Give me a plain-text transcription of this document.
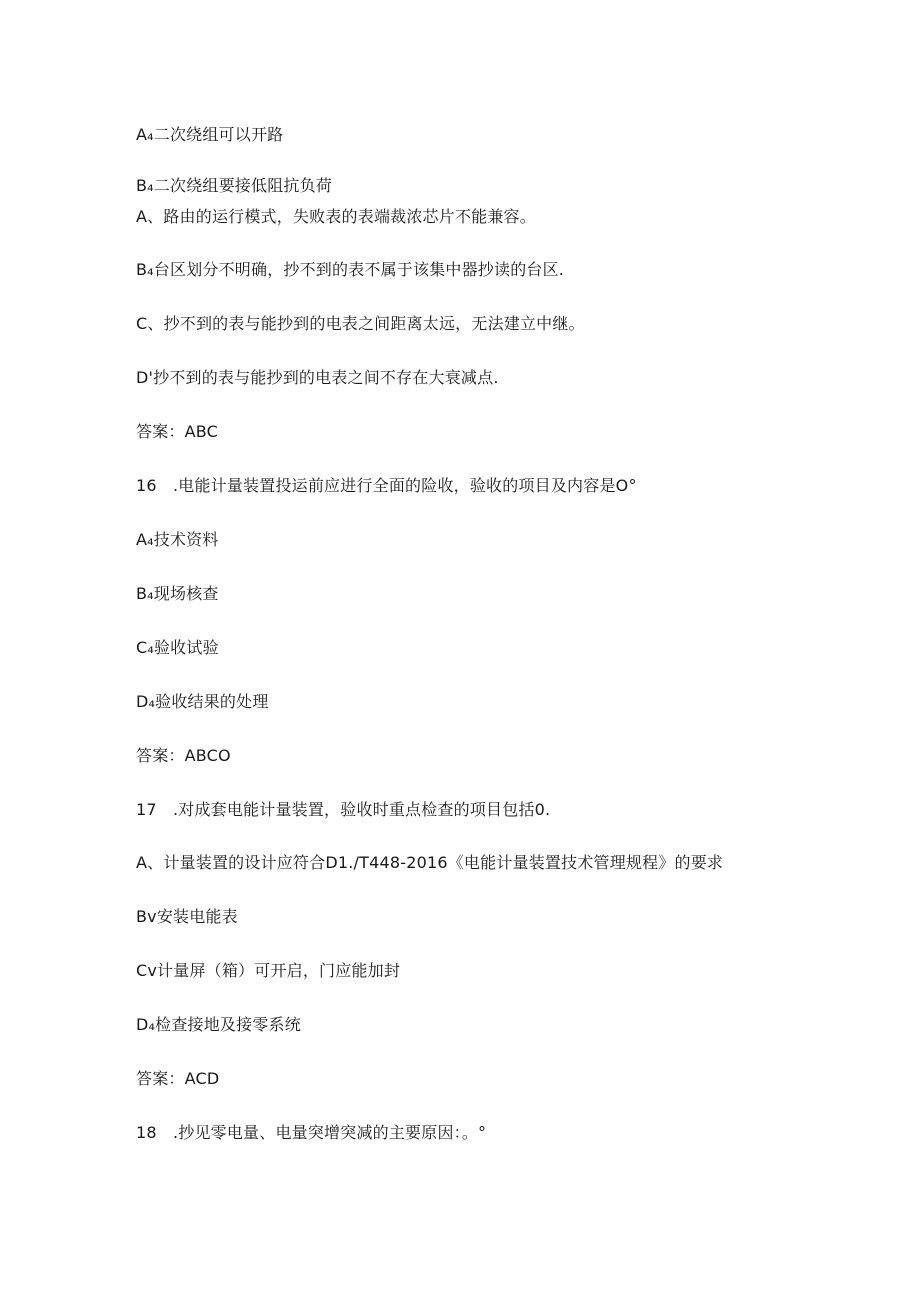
A₄二次绕组可以开路
B₄二次绕组要接低阻抗负荷
A、路由的运行模式，失败表的表端裁浓芯片不能兼容。
B₄台区划分不明确，抄不到的表不属于该集中器抄读的台区.
C、抄不到的表与能抄到的电表之间距离太远，无法建立中继。
D'抄不到的表与能抄到的电表之间不存在大衰减点.
答案：ABC
16　.电能计量装置投运前应进行全面的险收，验收的项目及内容是O°
A₄技术资料
B₄现场核查
C₄验收试验
D₄验收结果的处理
答案：ABCO
17　.对成套电能计量装置，验收时重点检查的项目包括0.
A、计量装置的设计应符合D1./T448-2016《电能计量装置技术管理规程》的要求
Bv安装电能表
Cv计量屏（箱）可开启，门应能加封
D₄检查接地及接零系统
答案：ACD
18　.抄见零电量、电量突增突减的主要原因：。°
